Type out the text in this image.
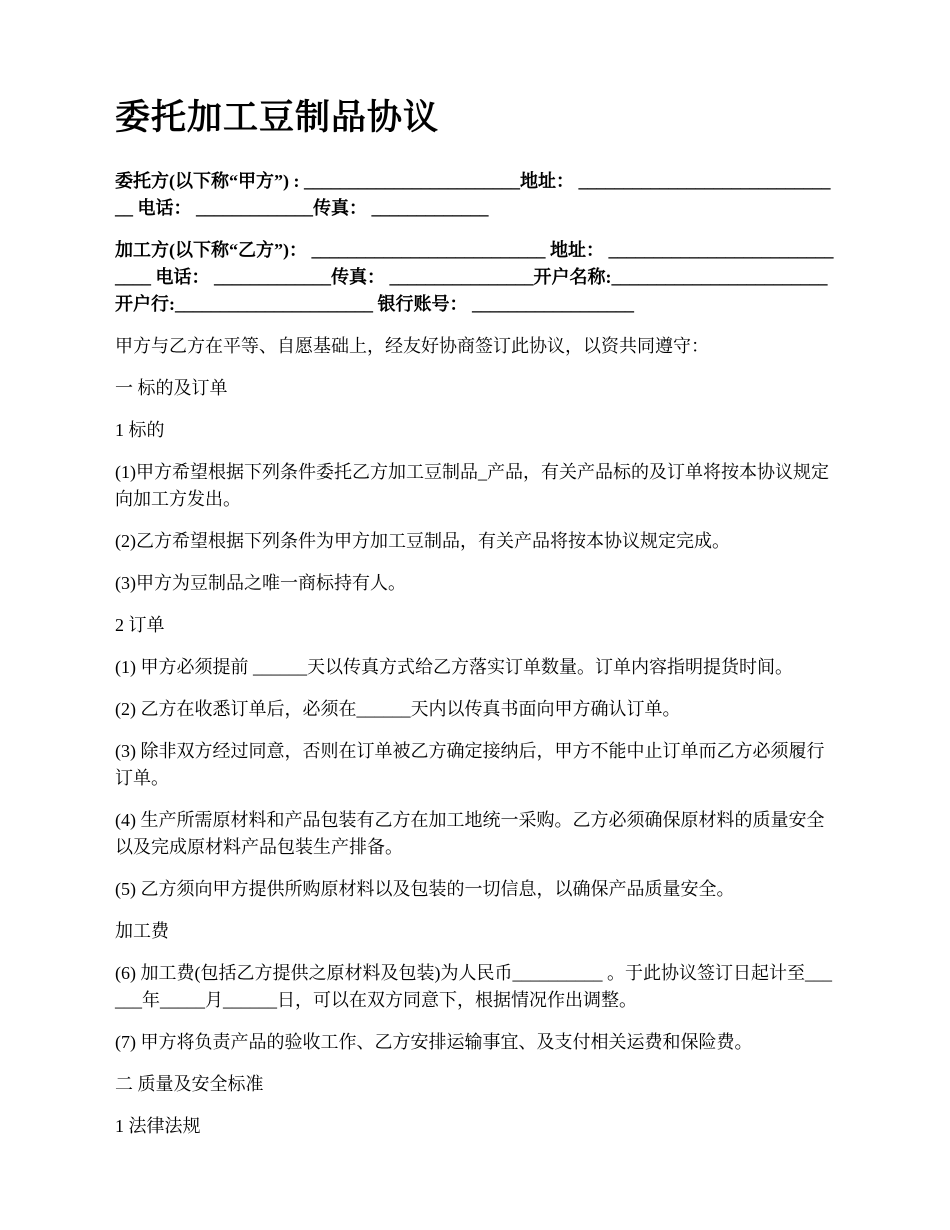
委托加工豆制品协议

委托方(以下称“甲方”) : ________________________地址： ______________________________ 电话： _____________传真： _____________

加工方(以下称“乙方”)： __________________________ 地址： _____________________________ 电话： _____________传真： ________________开户名称:________________________ 开户行:______________________ 银行账号： __________________

甲方与乙方在平等、自愿基础上，经友好协商签订此协议，以资共同遵守：

一 标的及订单

1 标的

(1)甲方希望根据下列条件委托乙方加工豆制品_产品，有关产品标的及订单将按本协议规定向加工方发出。

(2)乙方希望根据下列条件为甲方加工豆制品，有关产品将按本协议规定完成。

(3)甲方为豆制品之唯一商标持有人。

2 订单

(1) 甲方必须提前 ______天以传真方式给乙方落实订单数量。订单内容指明提货时间。

(2) 乙方在收悉订单后，必须在______天内以传真书面向甲方确认订单。

(3) 除非双方经过同意，否则在订单被乙方确定接纳后，甲方不能中止订单而乙方必须履行订单。

(4) 生产所需原材料和产品包装有乙方在加工地统一采购。乙方必须确保原材料的质量安全以及完成原材料产品包装生产排备。

(5) 乙方须向甲方提供所购原材料以及包装的一切信息，以确保产品质量安全。

加工费

(6) 加工费(包括乙方提供之原材料及包装)为人民币__________ 。于此协议签订日起计至______年_____月______日，可以在双方同意下，根据情况作出调整。

(7) 甲方将负责产品的验收工作、乙方安排运输事宜、及支付相关运费和保险费。

二 质量及安全标准

1 法律法规
